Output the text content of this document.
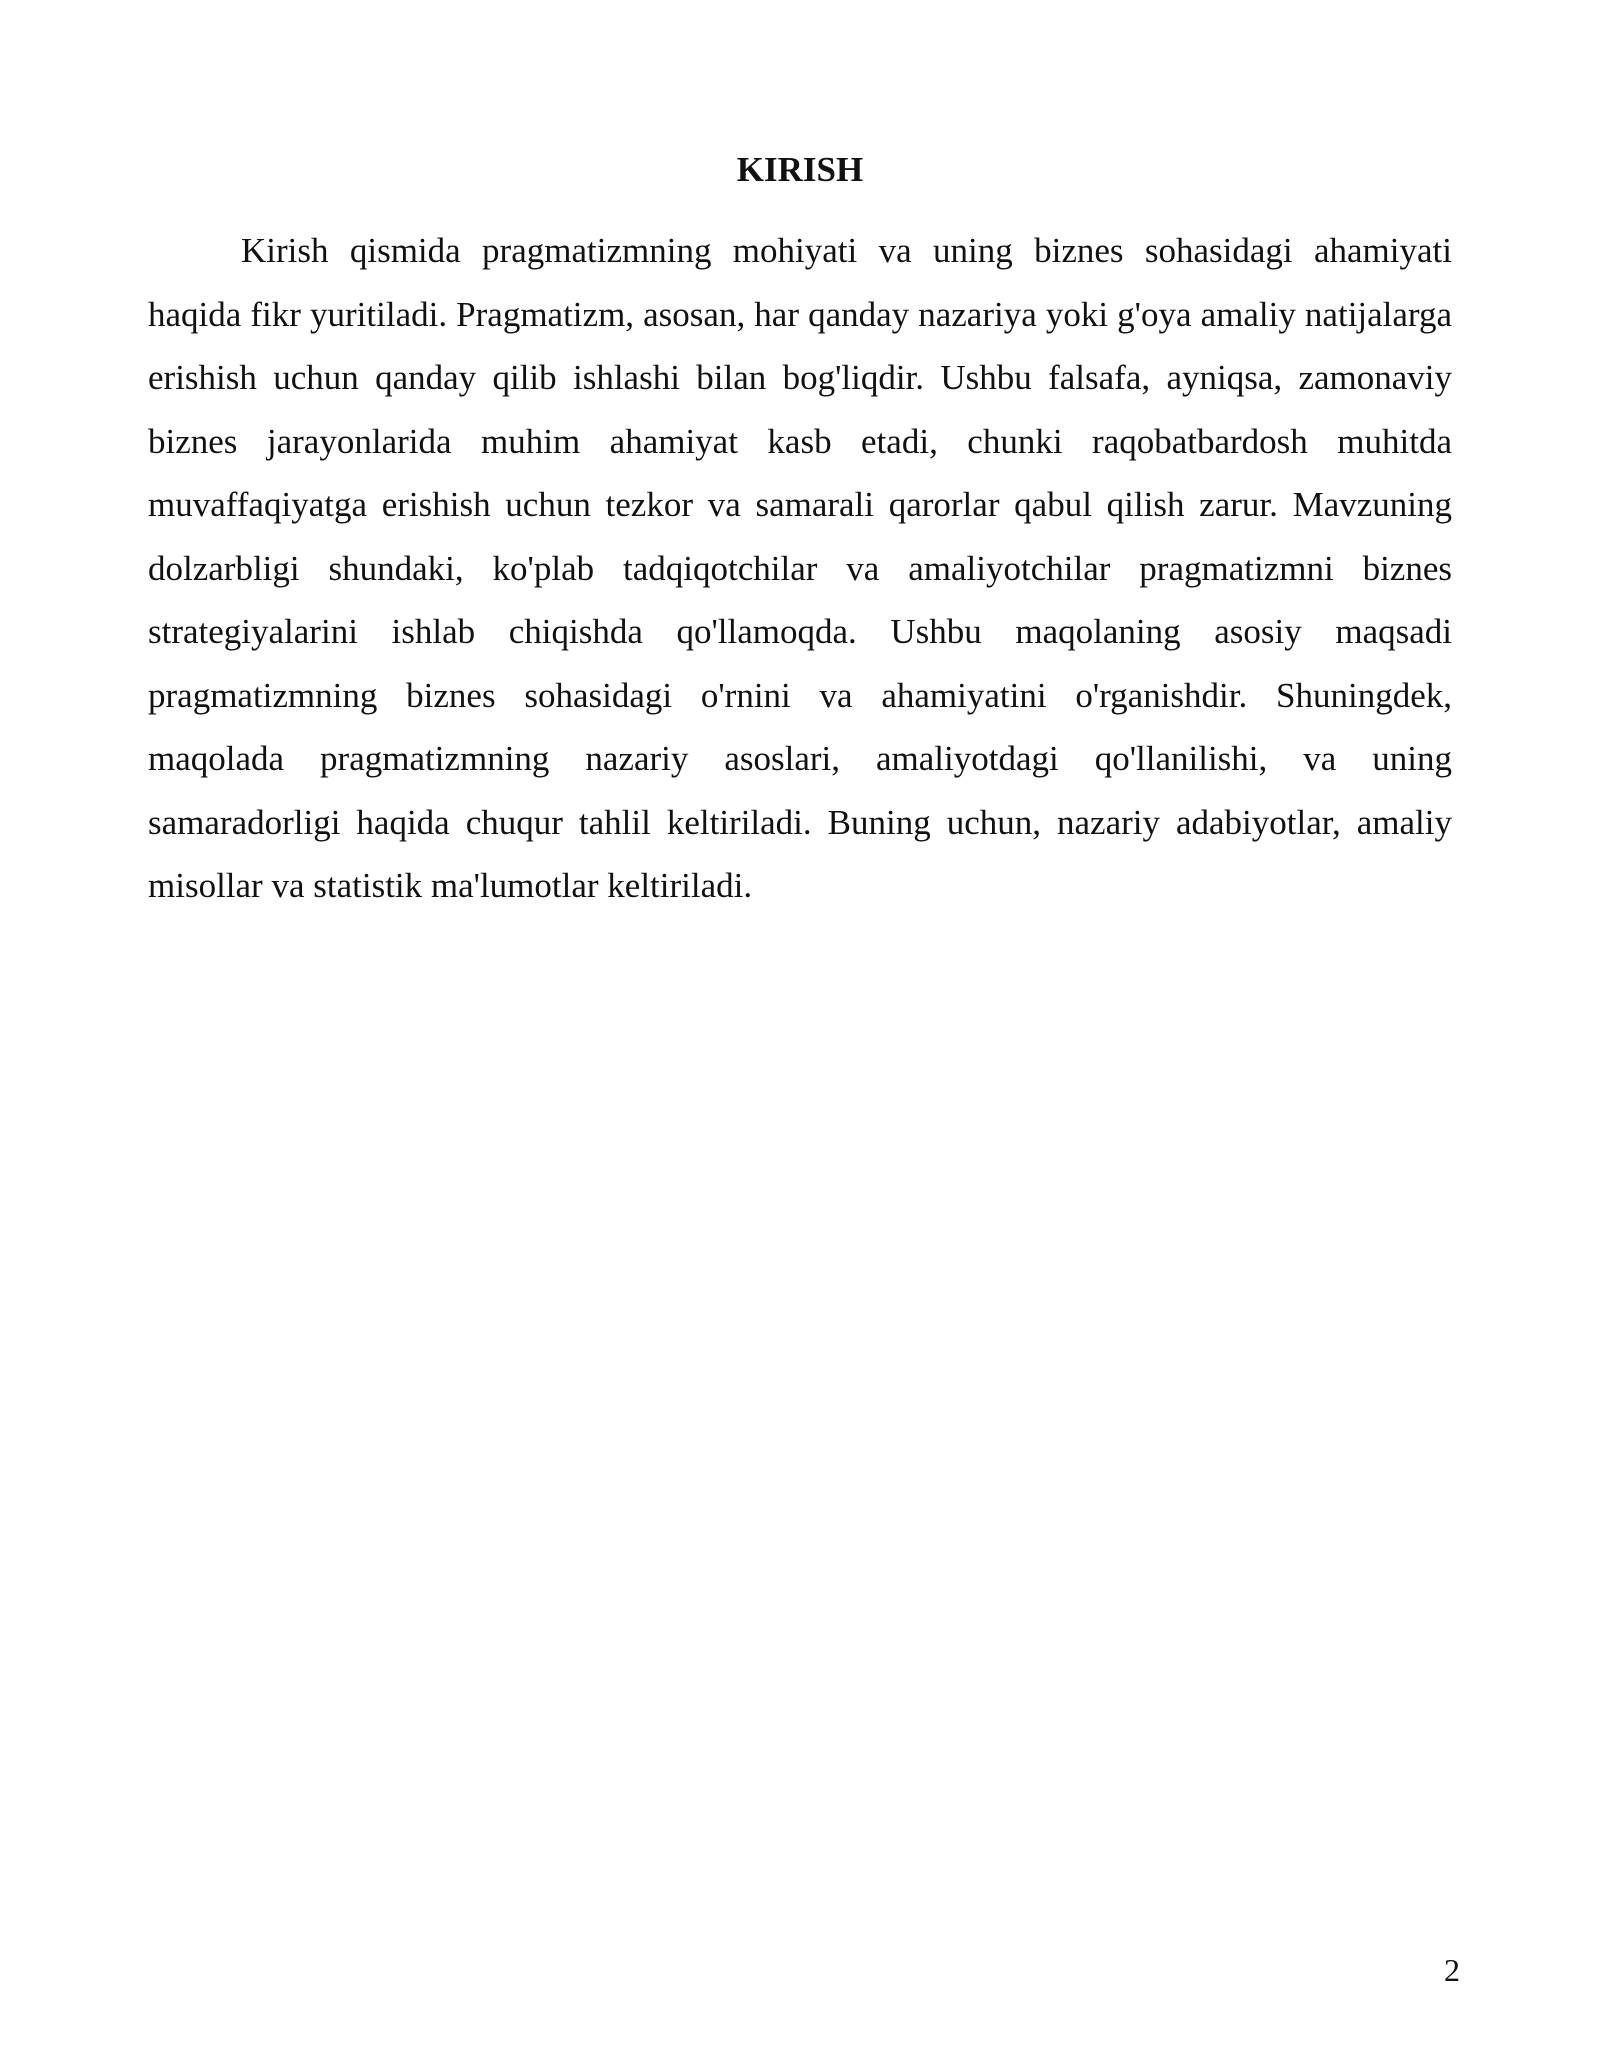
KIRISH

Kirish qismida pragmatizmning mohiyati va uning biznes sohasidagi ahamiyati haqida fikr yuritiladi. Pragmatizm, asosan, har qanday nazariya yoki g'oya amaliy natijalarga erishish uchun qanday qilib ishlashi bilan bog'liqdir. Ushbu falsafa, ayniqsa, zamonaviy biznes jarayonlarida muhim ahamiyat kasb etadi, chunki raqobatbardosh muhitda muvaffaqiyatga erishish uchun tezkor va samarali qarorlar qabul qilish zarur. Mavzuning dolzarbligi shundaki, ko'plab tadqiqotchilar va amaliyotchilar pragmatizmni biznes strategiyalarini ishlab chiqishda qo'llamoqda. Ushbu maqolaning asosiy maqsadi pragmatizmning biznes sohasidagi o'rnini va ahamiyatini o'rganishdir. Shuningdek, maqolada pragmatizmning nazariy asoslari, amaliyotdagi qo'llanilishi, va uning samaradorligi haqida chuqur tahlil keltiriladi. Buning uchun, nazariy adabiyotlar, amaliy misollar va statistik ma'lumotlar keltiriladi.

2
